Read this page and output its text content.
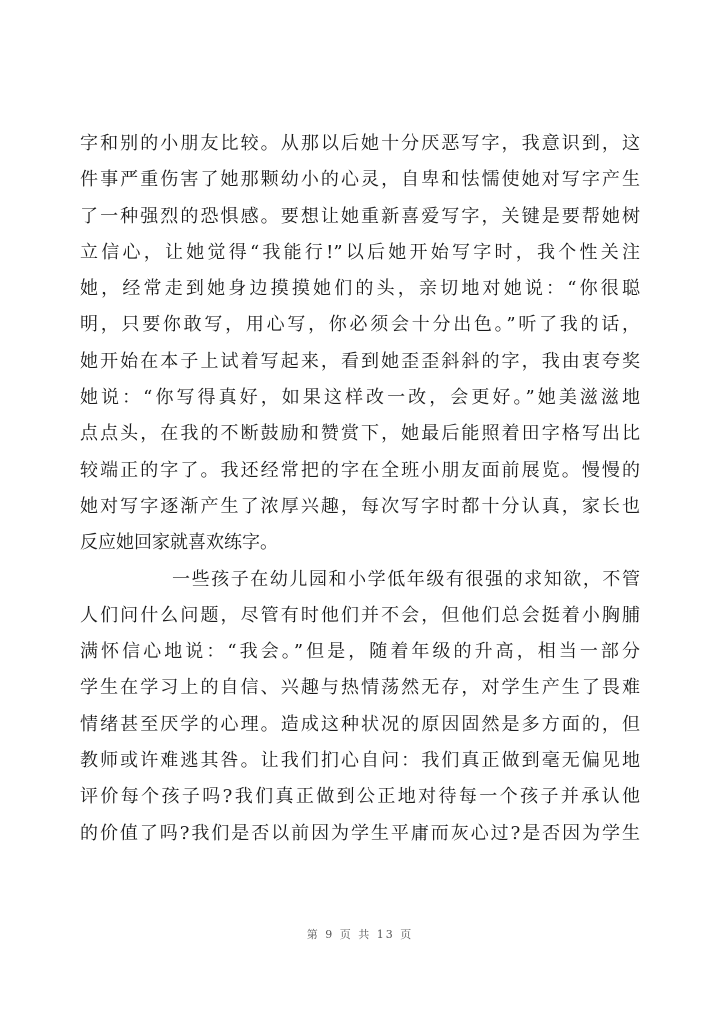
字和别的小朋友比较。从那以后她十分厌恶写字，我意识到，这
件事严重伤害了她那颗幼小的心灵，自卑和怯懦使她对写字产生
了一种强烈的恐惧感。要想让她重新喜爱写字，关键是要帮她树
立信心，让她觉得“我能行!”以后她开始写字时，我个性关注
她，经常走到她身边摸摸她们的头，亲切地对她说：“你很聪
明，只要你敢写，用心写，你必须会十分出色。”听了我的话，
她开始在本子上试着写起来，看到她歪歪斜斜的字，我由衷夸奖
她说：“你写得真好，如果这样改一改，会更好。”她美滋滋地
点点头，在我的不断鼓励和赞赏下，她最后能照着田字格写出比
较端正的字了。我还经常把的字在全班小朋友面前展览。慢慢的
她对写字逐渐产生了浓厚兴趣，每次写字时都十分认真，家长也
反应她回家就喜欢练字。
一些孩子在幼儿园和小学低年级有很强的求知欲，不管
人们问什么问题，尽管有时他们并不会，但他们总会挺着小胸脯
满怀信心地说：“我会。”但是，随着年级的升高，相当一部分
学生在学习上的自信、兴趣与热情荡然无存，对学生产生了畏难
情绪甚至厌学的心理。造成这种状况的原因固然是多方面的，但
教师或许难逃其咎。让我们扪心自问：我们真正做到毫无偏见地
评价每个孩子吗?我们真正做到公正地对待每一个孩子并承认他
的价值了吗?我们是否以前因为学生平庸而灰心过?是否因为学生
第 9 页 共 13 页
